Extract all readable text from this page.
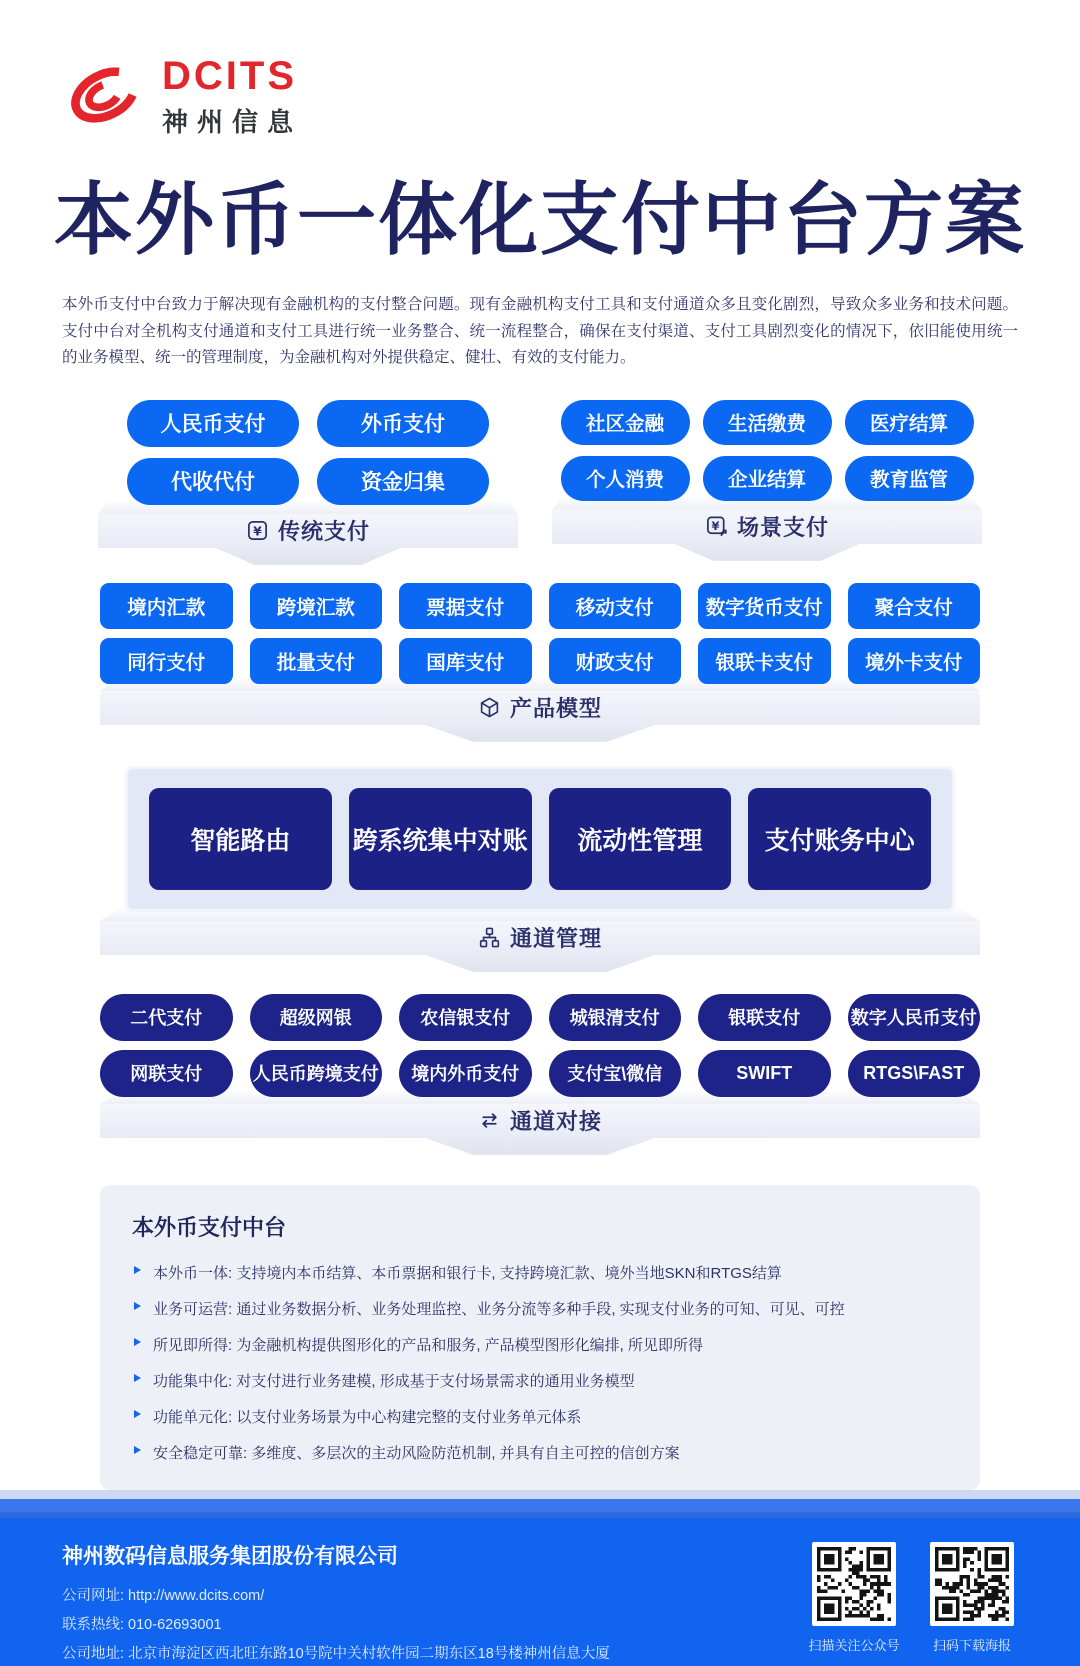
DCITS
神州信息
本外币一体化支付中台方案

本外币支付中台致力于解决现有金融机构的支付整合问题。现有金融机构支付工具和支付通道众多且变化剧烈，导致众多业务和技术问题。支付中台对全机构支付通道和支付工具进行统一业务整合、统一流程整合，确保在支付渠道、支付工具剧烈变化的情况下，依旧能使用统一的业务模型、统一的管理制度，为金融机构对外提供稳定、健壮、有效的支付能力。

人民币支付	外币支付
代收代付	资金归集
¥ 传统支付
社区金融	生活缴费	医疗结算
个人消费	企业结算	教育监管
¥ 场景支付
境内汇款	跨境汇款	票据支付	移动支付	数字货币支付	聚合支付
同行支付	批量支付	国库支付	财政支付	银联卡支付	境外卡支付
产品模型
智能路由	跨系统集中对账	流动性管理	支付账务中心
通道管理
二代支付	超级网银	农信银支付	城银清支付	银联支付	数字人民币支付
网联支付	人民币跨境支付	境内外币支付	支付宝\微信	SWIFT	RTGS\FAST
通道对接
本外币支付中台
本外币一体: 支持境内本币结算、本币票据和银行卡, 支持跨境汇款、境外当地SKN和RTGS结算
业务可运营: 通过业务数据分析、业务处理监控、业务分流等多种手段, 实现支付业务的可知、可见、可控
所见即所得: 为金融机构提供图形化的产品和服务, 产品模型图形化编排, 所见即所得
功能集中化: 对支付进行业务建模, 形成基于支付场景需求的通用业务模型
功能单元化: 以支付业务场景为中心构建完整的支付业务单元体系
安全稳定可靠: 多维度、多层次的主动风险防范机制, 并具有自主可控的信创方案
神州数码信息服务集团股份有限公司
公司网址: http://www.dcits.com/
联系热线: 010-62693001
公司地址: 北京市海淀区西北旺东路10号院中关村软件园二期东区18号楼神州信息大厦
扫描关注公众号	扫码下载海报
